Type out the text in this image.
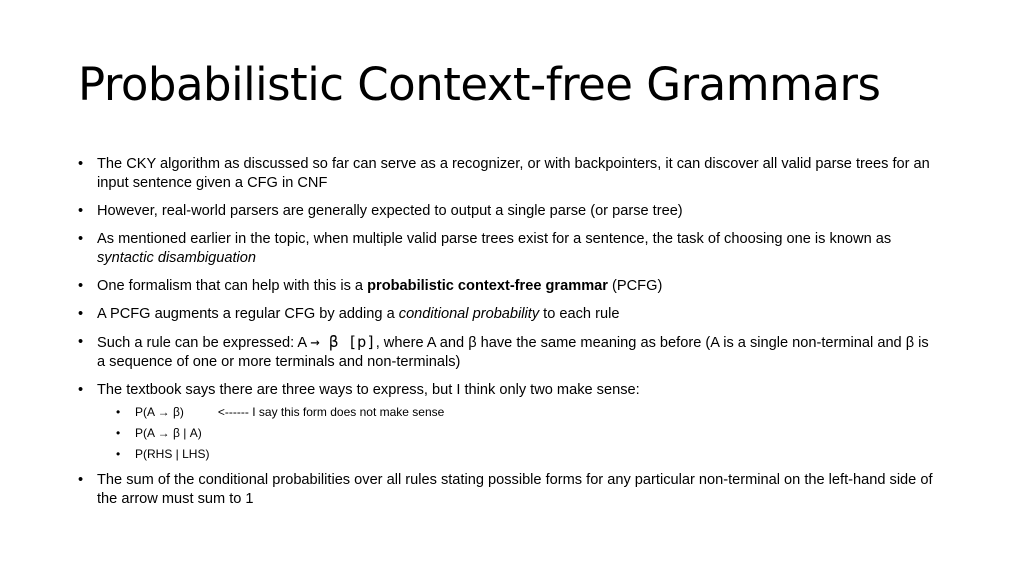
Probabilistic Context-free Grammars
• The CKY algorithm as discussed so far can serve as a recognizer, or with backpointers, it can discover all valid parse trees for an input sentence given a CFG in CNF
• However, real-world parsers are generally expected to output a single parse (or parse tree)
• As mentioned earlier in the topic, when multiple valid parse trees exist for a sentence, the task of choosing one is known as syntactic disambiguation
• One formalism that can help with this is a probabilistic context-free grammar (PCFG)
• A PCFG augments a regular CFG by adding a conditional probability to each rule
• Such a rule can be expressed: A → β [p], where A and β have the same meaning as before (A is a single non-terminal and β is a sequence of one or more terminals and non-terminals)
• The textbook says there are three ways to express, but I think only two make sense:
• P(A → β)	<------ I say this form does not make sense
• P(A → β | A)
• P(RHS | LHS)
• The sum of the conditional probabilities over all rules stating possible forms for any particular non-terminal on the left-hand side of the arrow must sum to 1
